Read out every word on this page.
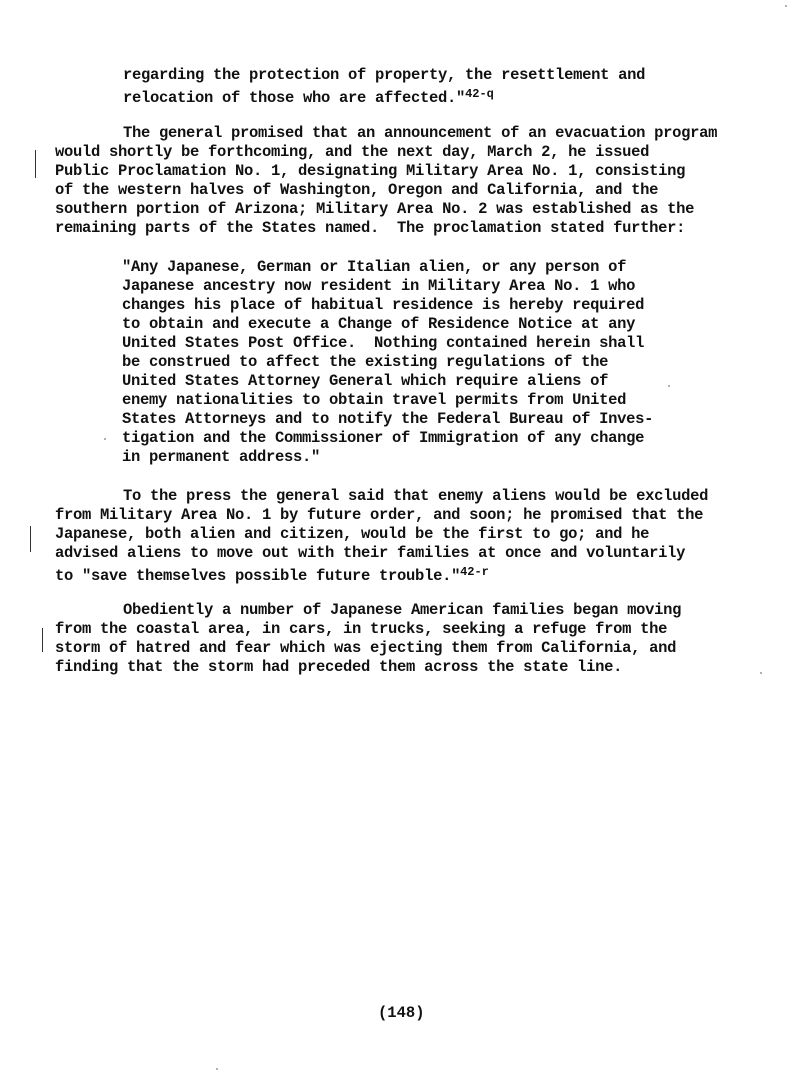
regarding the protection of property, the resettlement and
relocation of those who are affected."$^{42-q}$
The general promised that an announcement of an evacuation program
would shortly be forthcoming, and the next day, March 2, he issued
Public Proclamation No. 1, designating Military Area No. 1, consisting
of the western halves of Washington, Oregon and California, and the
southern portion of Arizona; Military Area No. 2 was established as the
remaining parts of the States named.  The proclamation stated further:
"Any Japanese, German or Italian alien, or any person of
Japanese ancestry now resident in Military Area No. 1 who
changes his place of habitual residence is hereby required
to obtain and execute a Change of Residence Notice at any
United States Post Office.  Nothing contained herein shall
be construed to affect the existing regulations of the
United States Attorney General which require aliens of
enemy nationalities to obtain travel permits from United
States Attorneys and to notify the Federal Bureau of Inves-
tigation and the Commissioner of Immigration of any change
in permanent address."
To the press the general said that enemy aliens would be excluded
from Military Area No. 1 by future order, and soon; he promised that the
Japanese, both alien and citizen, would be the first to go; and he
advised aliens to move out with their families at once and voluntarily
to "save themselves possible future trouble."$^{42-r}$
Obediently a number of Japanese American families began moving
from the coastal area, in cars, in trucks, seeking a refuge from the
storm of hatred and fear which was ejecting them from California, and
finding that the storm had preceded them across the state line.
(148)
